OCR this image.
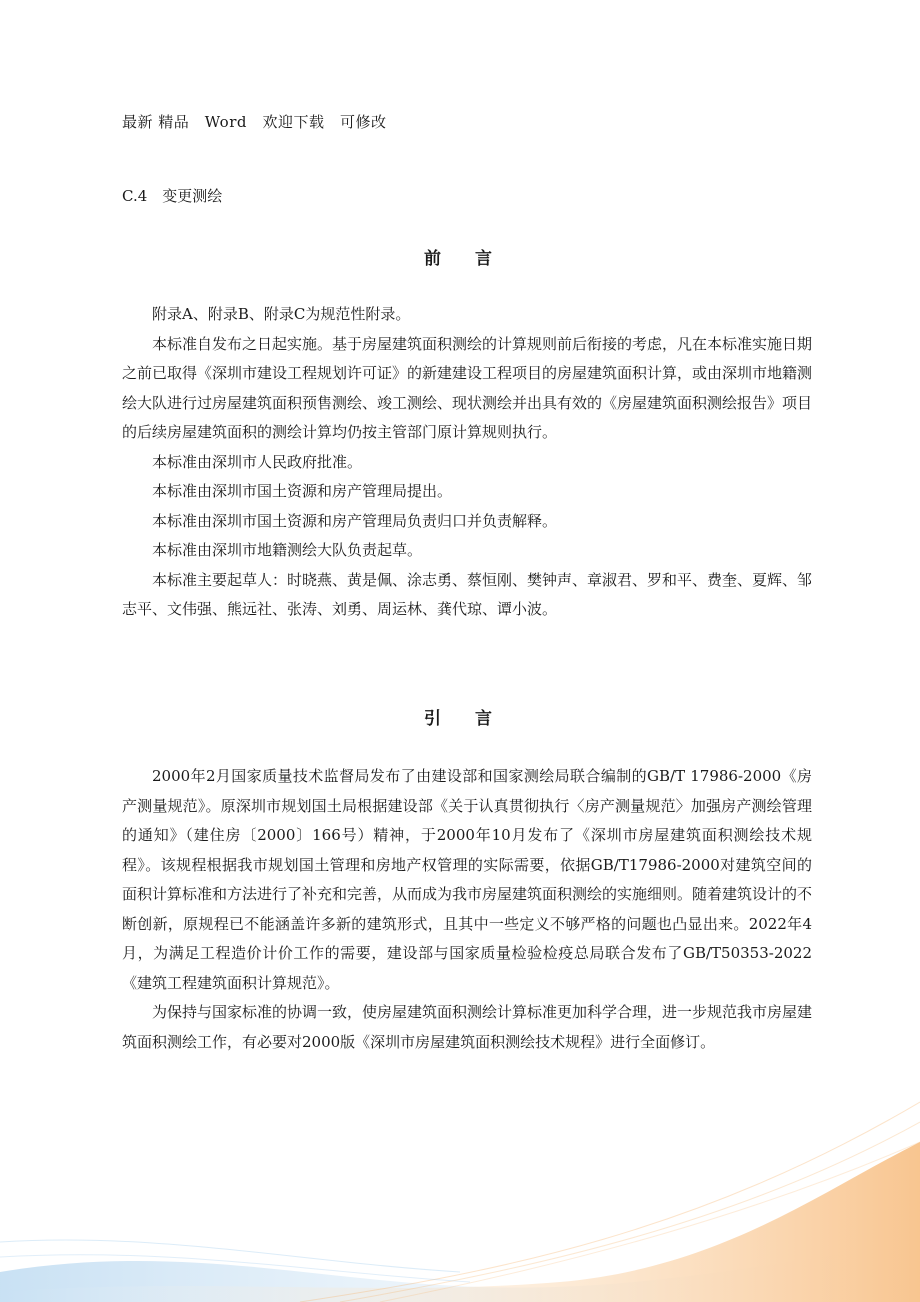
最新 精品　Word　欢迎下载　可修改
C.4　变更测绘
前言

附录A、附录B、附录C为规范性附录。

本标准自发布之日起实施。基于房屋建筑面积测绘的计算规则前后衔接的考虑，凡在本标准实施日期之前已取得《深圳市建设工程规划许可证》的新建建设工程项目的房屋建筑面积计算，或由深圳市地籍测绘大队进行过房屋建筑面积预售测绘、竣工测绘、现状测绘并出具有效的《房屋建筑面积测绘报告》项目的后续房屋建筑面积的测绘计算均仍按主管部门原计算规则执行。

本标准由深圳市人民政府批准。

本标准由深圳市国土资源和房产管理局提出。

本标准由深圳市国土资源和房产管理局负责归口并负责解释。

本标准由深圳市地籍测绘大队负责起草。

本标准主要起草人：时晓燕、黄是佩、涂志勇、蔡恒刚、樊钟声、章淑君、罗和平、费奎、夏辉、邹志平、文伟强、熊远社、张涛、刘勇、周运林、龚代琼、谭小波。

引言

2000年2月国家质量技术监督局发布了由建设部和国家测绘局联合编制的GB/T 17986-2000《房产测量规范》。原深圳市规划国土局根据建设部《关于认真贯彻执行〈房产测量规范〉加强房产测绘管理的通知》（建住房〔2000〕166号）精神，于2000年10月发布了《深圳市房屋建筑面积测绘技术规程》。该规程根据我市规划国土管理和房地产权管理的实际需要，依据GB/T17986-2000对建筑空间的面积计算标准和方法进行了补充和完善，从而成为我市房屋建筑面积测绘的实施细则。随着建筑设计的不断创新，原规程已不能涵盖许多新的建筑形式，且其中一些定义不够严格的问题也凸显出来。2022年4月，为满足工程造价计价工作的需要，建设部与国家质量检验检疫总局联合发布了GB/T50353-2022《建筑工程建筑面积计算规范》。

为保持与国家标准的协调一致，使房屋建筑面积测绘计算标准更加科学合理，进一步规范我市房屋建筑面积测绘工作，有必要对2000版《深圳市房屋建筑面积测绘技术规程》进行全面修订。
